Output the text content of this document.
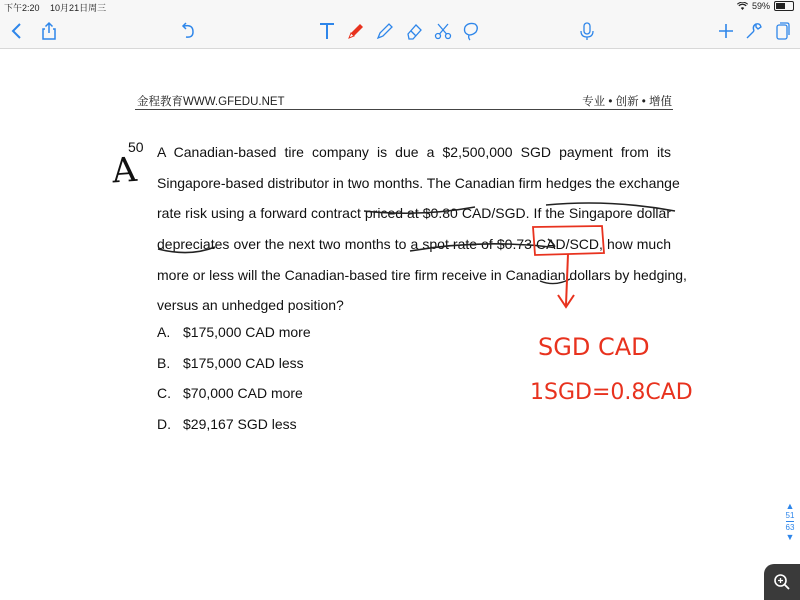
下午2:20 10月21日周三	59%
金程教育WWW.GFEDU.NET	专业 • 创新 • 增值
50 A Canadian-based tire company is due a $2,500,000 SGD payment from its
Singapore-based distributor in two months. The Canadian firm hedges the exchange
rate risk using a forward contract priced at $0.80 CAD/SGD. If the Singapore dollar
depreciates over the next two months to a spot rate of $0.73 CAD/SCD, how much
more or less will the Canadian-based tire firm receive in Canadian dollars by hedging,
versus an unhedged position?
A. $175,000 CAD more
B. $175,000 CAD less
C. $70,000 CAD more
D. $29,167 SGD less
A
SGD CAD
1SGD=0.8CAD
▲
51
63
▼
